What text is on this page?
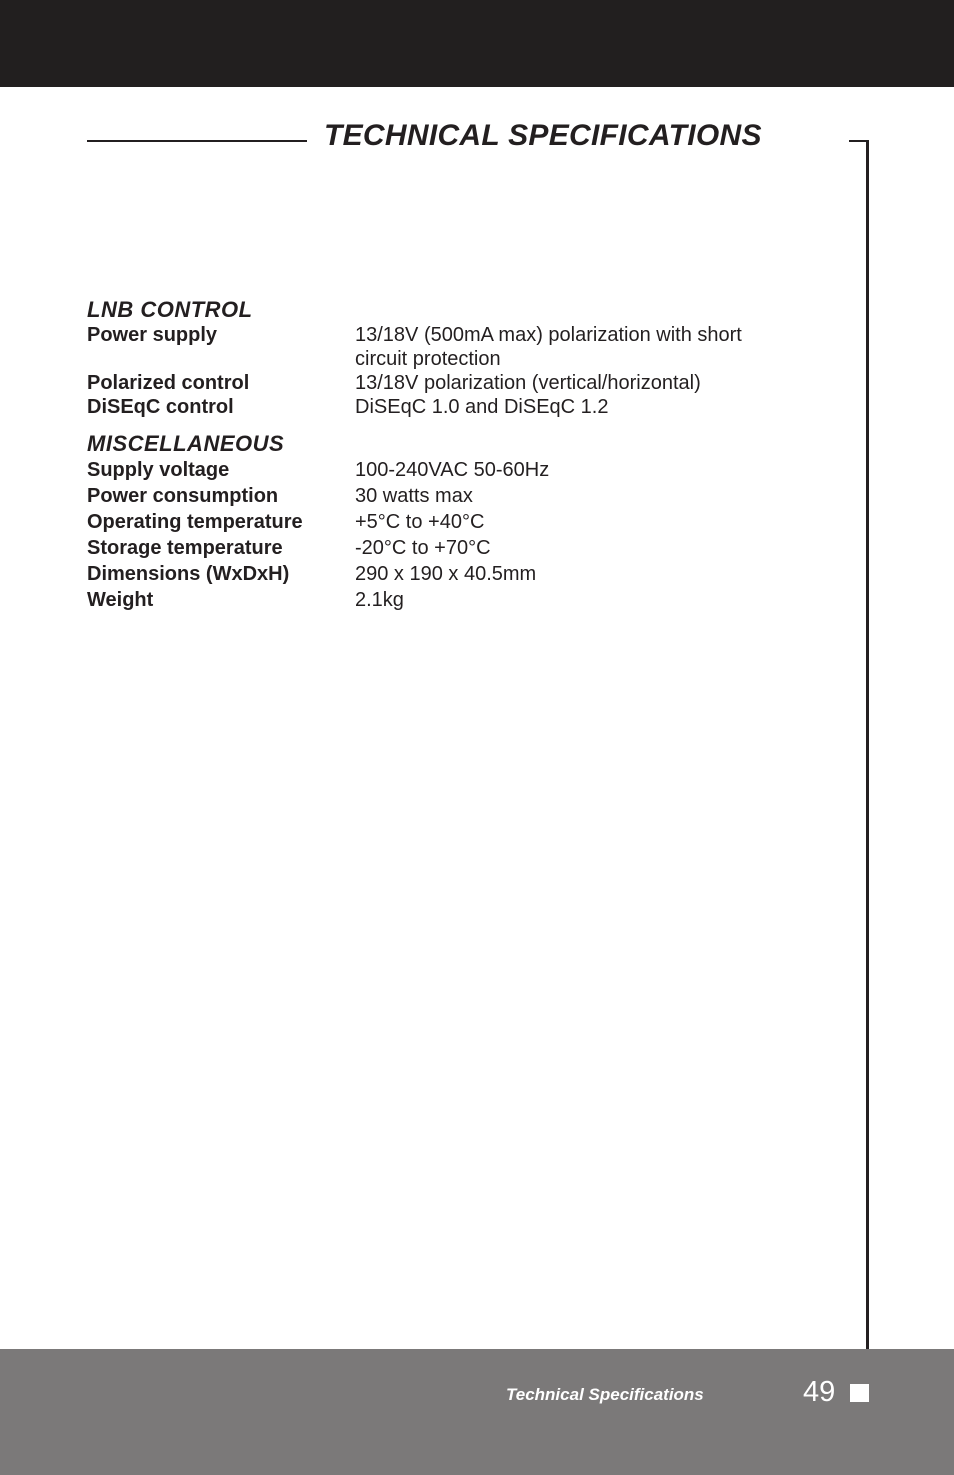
TECHNICAL SPECIFICATIONS
LNB CONTROL
Power supply	13/18V (500mA max) polarization with short circuit protection
Polarized control	13/18V polarization (vertical/horizontal)
DiSEqC control	DiSEqC 1.0 and DiSEqC 1.2
MISCELLANEOUS
Supply voltage	100-240VAC 50-60Hz
Power consumption	30 watts max
Operating temperature	+5°C to +40°C
Storage temperature	-20°C to +70°C
Dimensions (WxDxH)	290 x 190 x 40.5mm
Weight	2.1kg
Technical Specifications	49
